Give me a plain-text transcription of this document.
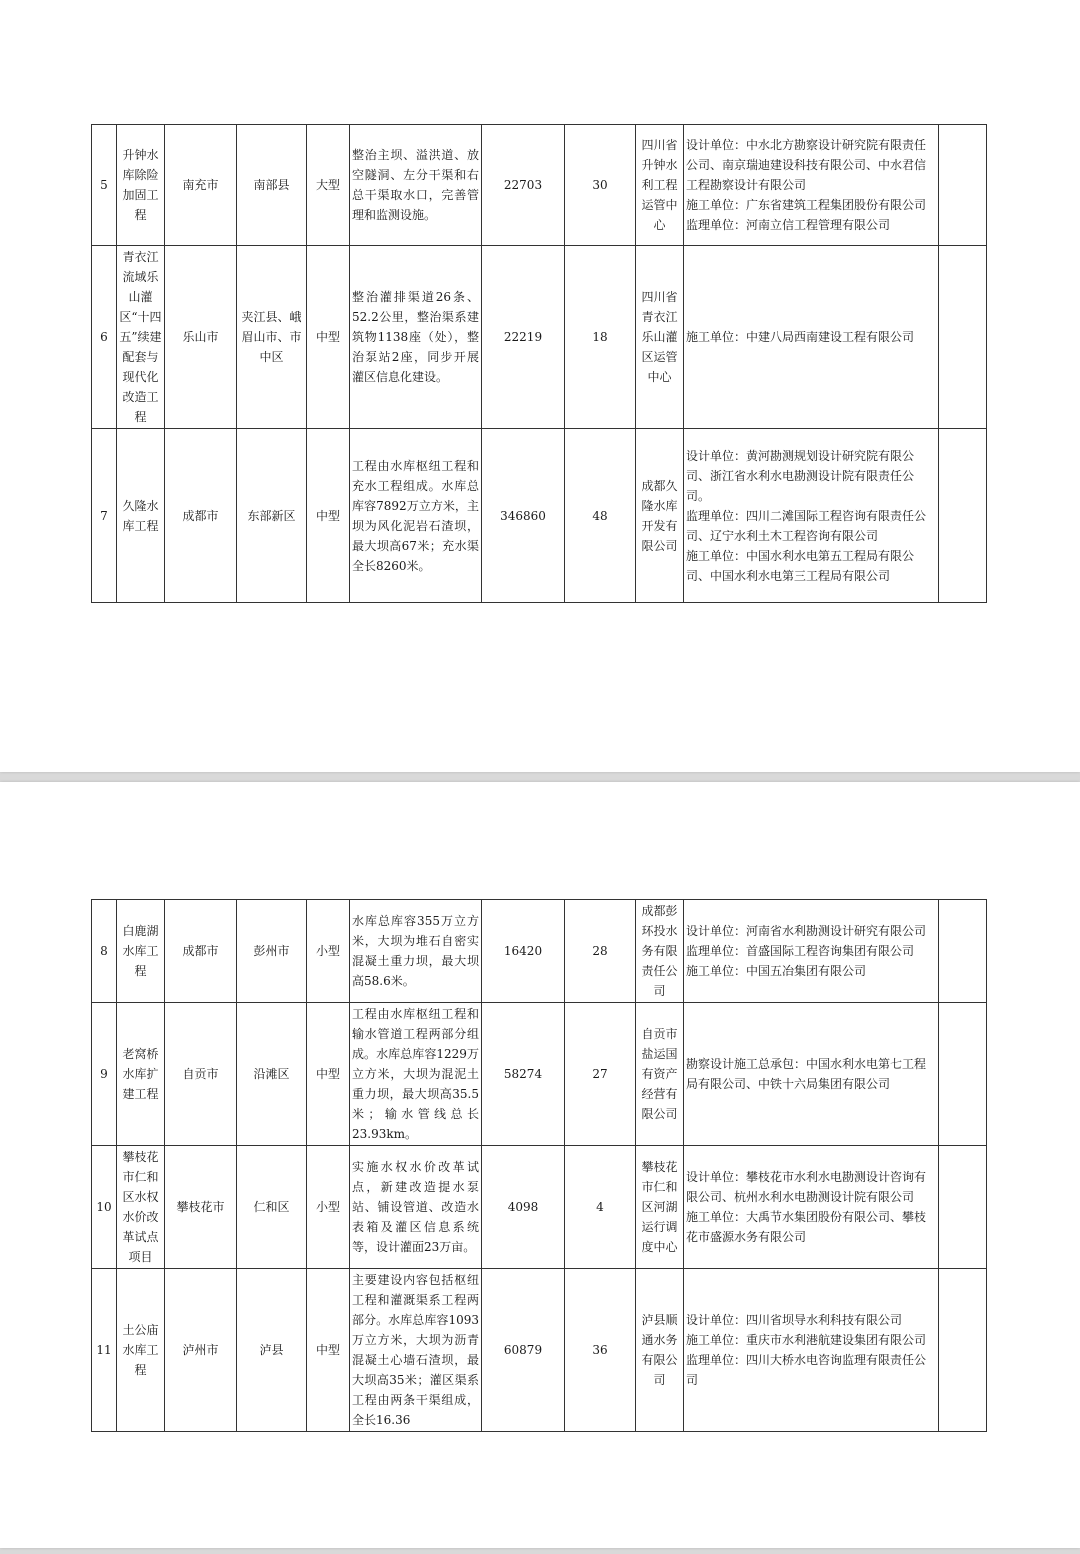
5	升钟水库除险加固工程	南充市	南部县	大型	整治主坝、溢洪道、放空隧洞、左分干渠和右总干渠取水口，完善管理和监测设施。	22703	30	四川省升钟水利工程运管中心	设计单位：中水北方勘察设计研究院有限责任公司、南京瑞迪建设科技有限公司、中水君信工程勘察设计有限公司
施工单位：广东省建筑工程集团股份有限公司
监理单位：河南立信工程管理有限公司	
6	青衣江流域乐山灌区“十四五”续建配套与现代化改造工程	乐山市	夹江县、峨眉山市、市中区	中型	整治灌排渠道26条、52.2公里，整治渠系建筑物1138座（处），整治泵站2座，同步开展灌区信息化建设。	22219	18	四川省青衣江乐山灌区运管中心	施工单位：中建八局西南建设工程有限公司	
7	久隆水库工程	成都市	东部新区	中型	工程由水库枢纽工程和充水工程组成。水库总库容7892万立方米，主坝为风化泥岩石渣坝，最大坝高67米；充水渠全长8260米。	346860	48	成都久隆水库开发有限公司	设计单位：黄河勘测规划设计研究院有限公司、浙江省水利水电勘测设计院有限责任公司。
监理单位：四川二滩国际工程咨询有限责任公司、辽宁水利土木工程咨询有限公司
施工单位：中国水利水电第五工程局有限公司、中国水利水电第三工程局有限公司	
8	白鹿湖水库工程	成都市	彭州市	小型	水库总库容355万立方米，大坝为堆石自密实混凝土重力坝，最大坝高58.6米。	16420	28	成都彭环投水务有限责任公司	设计单位：河南省水利勘测设计研究有限公司
监理单位：首盛国际工程咨询集团有限公司
施工单位：中国五冶集团有限公司	
9	老窝桥水库扩建工程	自贡市	沿滩区	中型	工程由水库枢纽工程和输水管道工程两部分组成。水库总库容1229万立方米，大坝为混泥土重力坝，最大坝高35.5米；输水管线总长23.93km。	58274	27	自贡市盐运国有资产经营有限公司	勘察设计施工总承包：中国水利水电第七工程局有限公司、中铁十六局集团有限公司	
10	攀枝花市仁和区水权水价改革试点项目	攀枝花市	仁和区	小型	实施水权水价改革试点，新建改造提水泵站、铺设管道、改造水表箱及灌区信息系统等，设计灌面23万亩。	4098	4	攀枝花市仁和区河湖运行调度中心	设计单位：攀枝花市水利水电勘测设计咨询有限公司、杭州水利水电勘测设计院有限公司
施工单位：大禹节水集团股份有限公司、攀枝花市盛源水务有限公司	
11	土公庙水库工程	泸州市	泸县	中型	主要建设内容包括枢纽工程和灌溉渠系工程两部分。水库总库容1093万立方米，大坝为沥青混凝土心墙石渣坝，最大坝高35米；灌区渠系工程由两条干渠组成，全长16.36	60879	36	泸县顺通水务有限公司	设计单位：四川省坝导水利科技有限公司
施工单位：重庆市水利港航建设集团有限公司
监理单位：四川大桥水电咨询监理有限责任公司	
